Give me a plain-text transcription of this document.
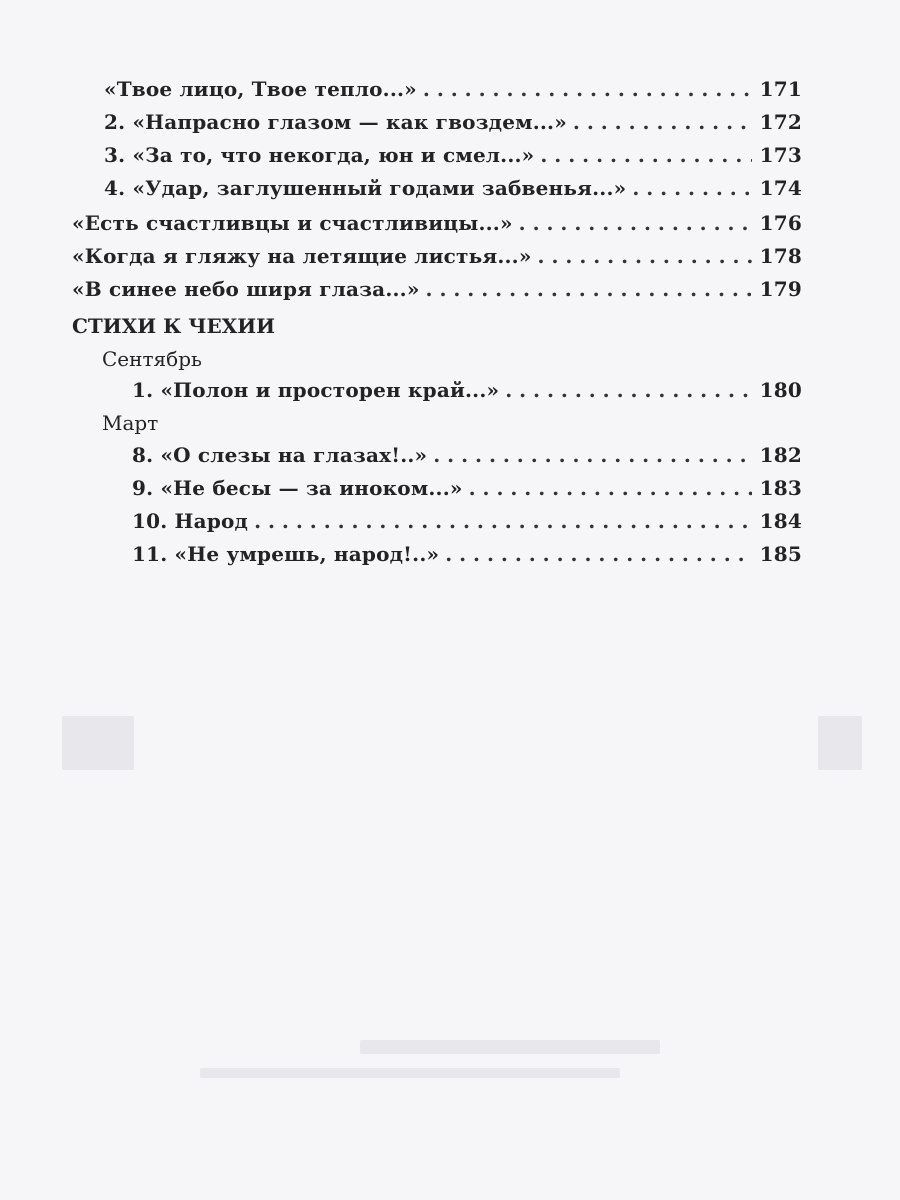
«Твое лицо, Твое тепло...» . . .	171
2. «Напрасно глазом — как гвоздем...» . . .	172
3. «За то, что некогда, юн и смел...» . . .	173
4. «Удар, заглушенный годами забвенья...» . . .	174
«Есть счастливцы и счастливицы...» . . .	176
«Когда я гляжу на летящие листья...» . . .	178
«В синее небо ширя глаза...» . . .	179
СТИХИ К ЧЕХИИ
Сентябрь
1. «Полон и просторен край...» . . .	180
Март
8. «О слезы на глазах!..» . . .	182
9. «Не бесы — за иноком...» . . .	183
10. Народ . . .	184
11. «Не умрешь, народ!..» . . .	185
